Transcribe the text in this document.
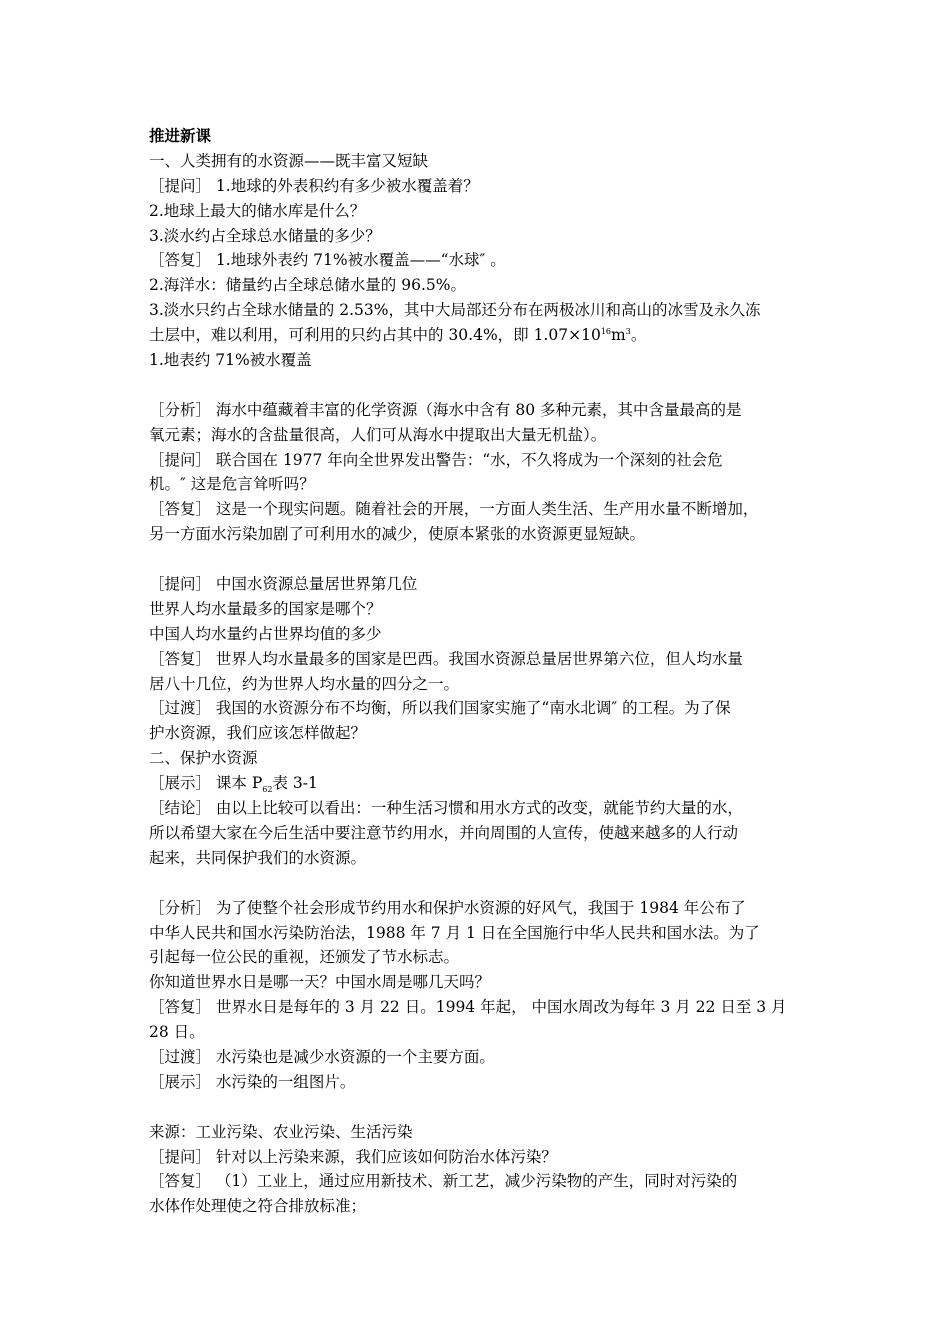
推进新课
一、人类拥有的水资源——既丰富又短缺
［提问］ 1.地球的外表积约有多少被水覆盖着？
2.地球上最大的储水库是什么？
3.淡水约占全球总水储量的多少？
［答复］ 1.地球外表约 71%被水覆盖——“水球″ 。
2.海洋水：储量约占全球总储水量的 96.5%。
3.淡水只约占全球水储量的 2.53%，其中大局部还分布在两极冰川和高山的冰雪及永久冻
土层中，难以利用，可利用的只约占其中的 30.4%，即 $1.07\times 10^{16}m^3$。
1.地表约 71%被水覆盖
［分析］ 海水中蕴藏着丰富的化学资源（海水中含有 80 多种元素，其中含量最高的是
氧元素；海水的含盐量很高，人们可从海水中提取出大量无机盐）。
［提问］ 联合国在 1977 年向全世界发出警告：“水，不久将成为一个深刻的社会危
机。″ 这是危言耸听吗？
［答复］ 这是一个现实问题。随着社会的开展，一方面人类生活、生产用水量不断增加，
另一方面水污染加剧了可利用水的减少，使原本紧张的水资源更显短缺。
［提问］ 中国水资源总量居世界第几位
世界人均水量最多的国家是哪个？
中国人均水量约占世界均值的多少
［答复］ 世界人均水量最多的国家是巴西。我国水资源总量居世界第六位，但人均水量
居八十几位，约为世界人均水量的四分之一。
［过渡］ 我国的水资源分布不均衡，所以我们国家实施了“南水北调″ 的工程。为了保
护水资源，我们应该怎样做起？
二、保护水资源
［展示］ 课本 $P_{62}$表 3-1
［结论］ 由以上比较可以看出：一种生活习惯和用水方式的改变，就能节约大量的水，
所以希望大家在今后生活中要注意节约用水，并向周围的人宣传，使越来越多的人行动
起来，共同保护我们的水资源。
［分析］ 为了使整个社会形成节约用水和保护水资源的好风气，我国于 1984 年公布了
中华人民共和国水污染防治法，1988 年 7 月 1 日在全国施行中华人民共和国水法。为了
引起每一位公民的重视，还颁发了节水标志。
你知道世界水日是哪一天？中国水周是哪几天吗？
［答复］ 世界水日是每年的 3 月 22 日。1994 年起， 中国水周改为每年 3 月 22 日至 3 月
28 日。
［过渡］ 水污染也是减少水资源的一个主要方面。
［展示］ 水污染的一组图片。
来源：工业污染、农业污染、生活污染
［提问］ 针对以上污染来源，我们应该如何防治水体污染？
［答复］ （1）工业上，通过应用新技术、新工艺，减少污染物的产生，同时对污染的
水体作处理使之符合排放标准；
